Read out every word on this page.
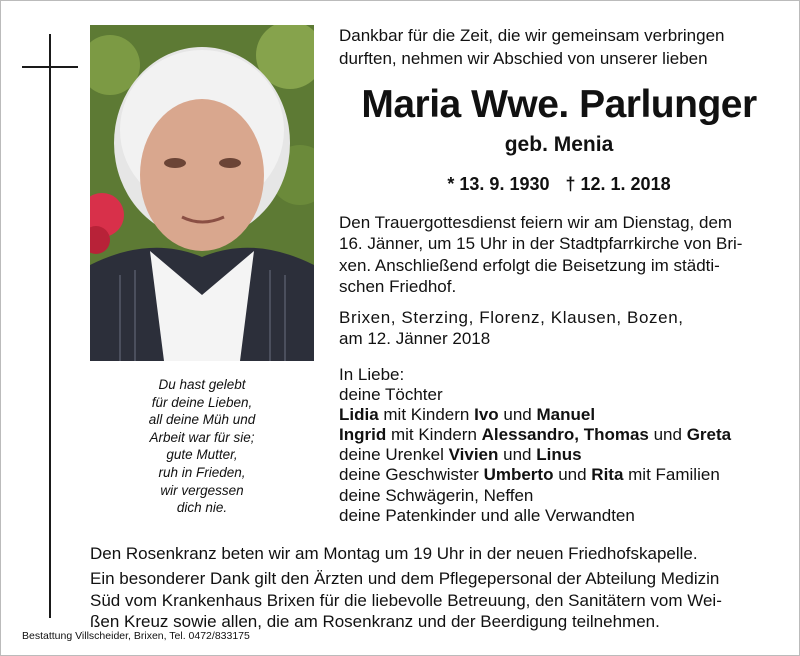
Du hast gelebt
für deine Lieben,
all deine Müh und
Arbeit war für sie;
gute Mutter,
ruh in Frieden,
wir vergessen
dich nie.
Dankbar für die Zeit, die wir gemeinsam verbringen
durften, nehmen wir Abschied von unserer lieben
Maria Wwe. Parlunger
geb. Menia
* 13. 9. 1930 † 12. 1. 2018
Den Trauergottesdienst feiern wir am Dienstag, dem
16. Jänner, um 15 Uhr in der Stadtpfarrkirche von Bri-
xen. Anschließend erfolgt die Beisetzung im städti-
schen Friedhof.
Brixen, Sterzing, Florenz, Klausen, Bozen,
am 12. Jänner 2018
In Liebe:
deine Töchter
Lidia mit Kindern Ivo und Manuel
Ingrid mit Kindern Alessandro, Thomas und Greta
deine Urenkel Vivien und Linus
deine Geschwister Umberto und Rita mit Familien
deine Schwägerin, Neffen
deine Patenkinder und alle Verwandten
Den Rosenkranz beten wir am Montag um 19 Uhr in der neuen Friedhofskapelle.
Ein besonderer Dank gilt den Ärzten und dem Pflegepersonal der Abteilung Medizin
Süd vom Krankenhaus Brixen für die liebevolle Betreuung, den Sanitätern vom Wei-
ßen Kreuz sowie allen, die am Rosenkranz und der Beerdigung teilnehmen.
Bestattung Villscheider, Brixen, Tel. 0472/833175
